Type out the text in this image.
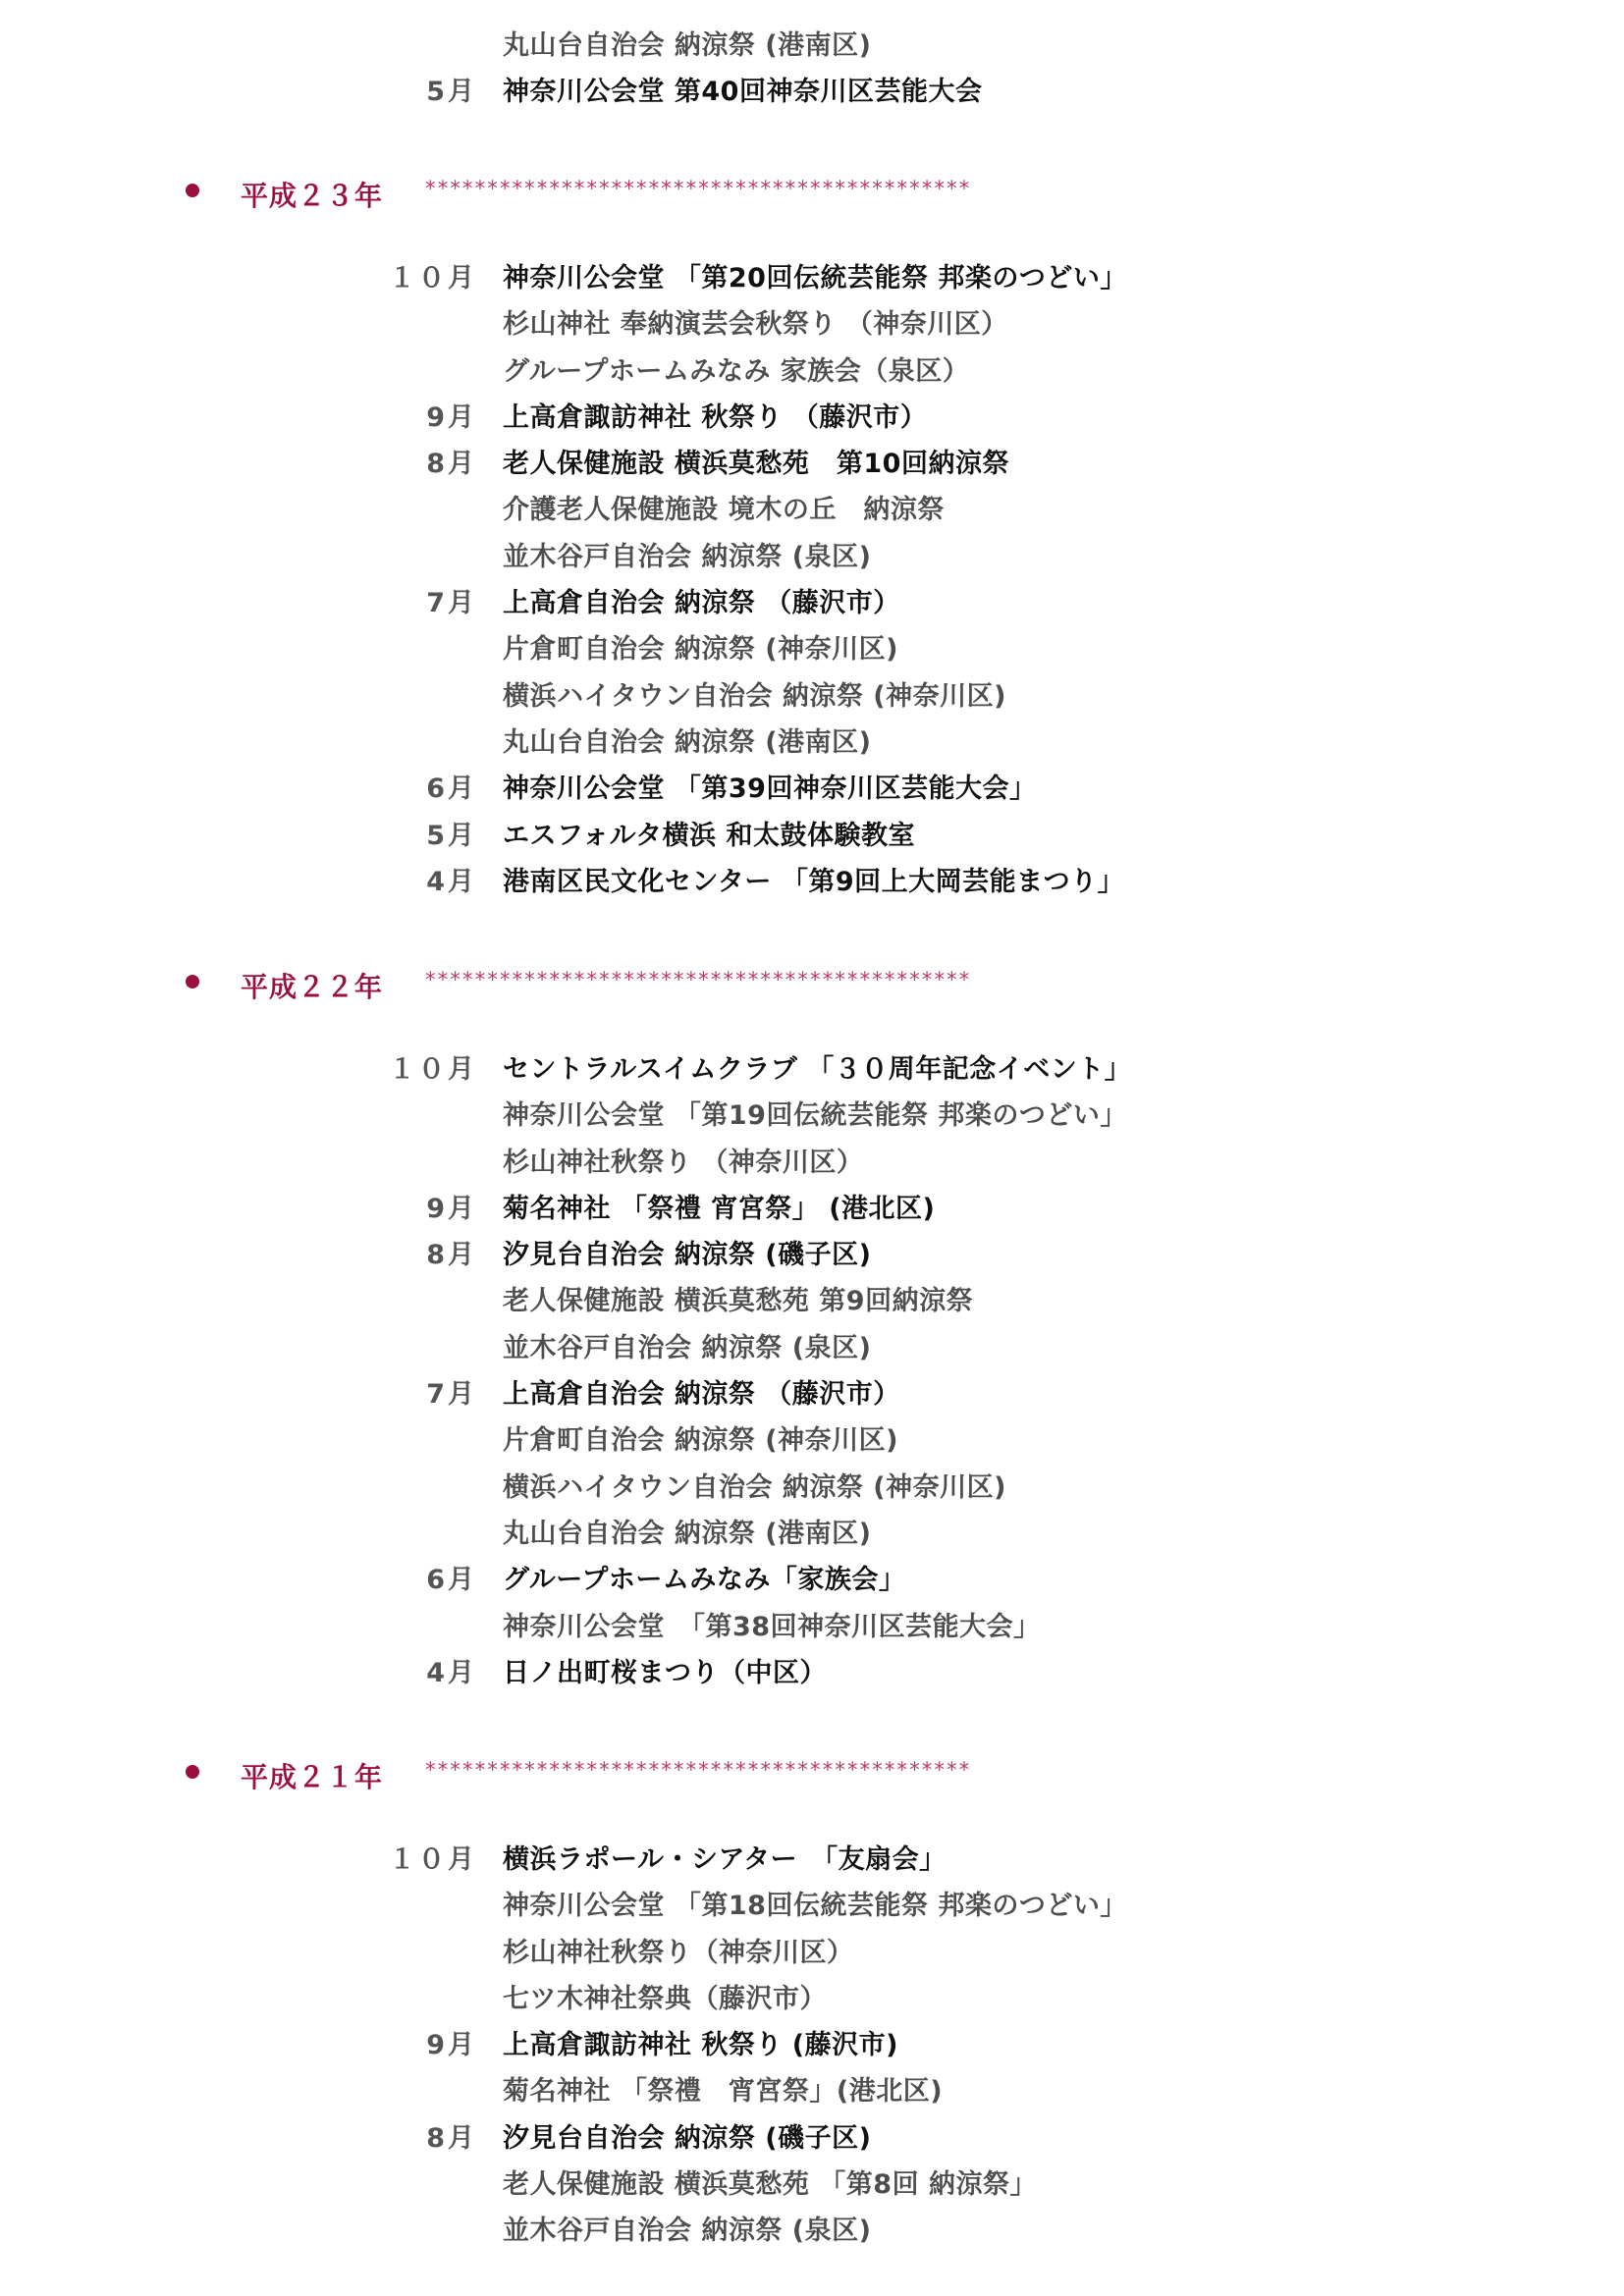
丸山台自治会 納涼祭 (港南区)
5月 神奈川公会堂 第40回神奈川区芸能大会
平成２３年 ********************************************
１０月 神奈川公会堂 「第20回伝統芸能祭 邦楽のつどい」
杉山神社 奉納演芸会秋祭り （神奈川区）
グループホームみなみ 家族会（泉区）
9月 上高倉諏訪神社 秋祭り （藤沢市）
8月 老人保健施設 横浜莫愁苑　第10回納涼祭
介護老人保健施設 境木の丘　納涼祭
並木谷戸自治会 納涼祭 (泉区)
7月 上高倉自治会 納涼祭 （藤沢市）
片倉町自治会 納涼祭 (神奈川区)
横浜ハイタウン自治会 納涼祭 (神奈川区)
丸山台自治会 納涼祭 (港南区)
6月 神奈川公会堂 「第39回神奈川区芸能大会」
5月 エスフォルタ横浜 和太鼓体験教室
4月 港南区民文化センター 「第9回上大岡芸能まつり」
平成２２年 ********************************************
１０月 セントラルスイムクラブ 「３０周年記念イベント」
神奈川公会堂 「第19回伝統芸能祭 邦楽のつどい」
杉山神社秋祭り （神奈川区）
9月 菊名神社 「祭禮 宵宮祭」 (港北区)
8月 汐見台自治会 納涼祭 (磯子区)
老人保健施設 横浜莫愁苑 第9回納涼祭
並木谷戸自治会 納涼祭 (泉区)
7月 上高倉自治会 納涼祭 （藤沢市）
片倉町自治会 納涼祭 (神奈川区)
横浜ハイタウン自治会 納涼祭 (神奈川区)
丸山台自治会 納涼祭 (港南区)
6月 グループホームみなみ「家族会」
神奈川公会堂　「第38回神奈川区芸能大会」
4月 日ノ出町桜まつり（中区）
平成２１年 ********************************************
１０月 横浜ラポール・シアター　「友扇会」
神奈川公会堂 「第18回伝統芸能祭 邦楽のつどい」
杉山神社秋祭り（神奈川区）
七ツ木神社祭典（藤沢市）
9月 上高倉諏訪神社 秋祭り (藤沢市)
菊名神社 「祭禮　宵宮祭」(港北区)
8月 汐見台自治会 納涼祭 (磯子区)
老人保健施設 横浜莫愁苑 「第8回 納涼祭」
並木谷戸自治会 納涼祭 (泉区)
